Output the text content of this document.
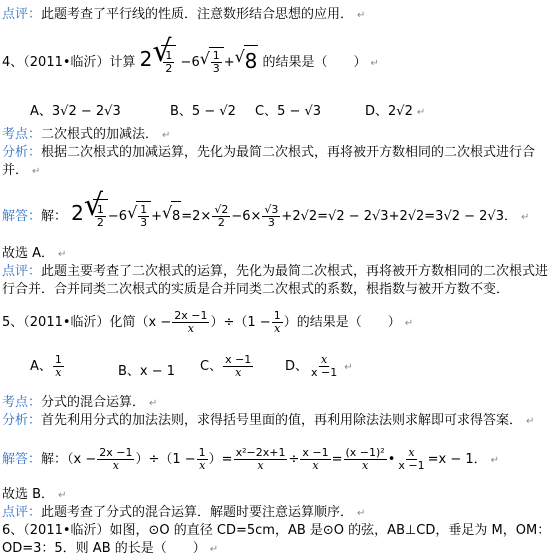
点评：此题考查了平行线的性质．注意数形结合思想的应用． ↵
4、（2011•临沂）计算 2 √ $\frac{1}{2} -6$ √ $\frac{1}{3}$ + √ 8 的结果是（　　） ↵
A、3√2 − 2√3	B、5 − √2 C、5 − √3	D、2√2 ↵
考点：二次根式的加减法． ↵
分析：根据二次根式的加减运算，先化为最简二次根式，再将被开方数相同的二次根式进行合并． ↵
解答：解： 2 √ $\frac{1}{2} -6$ √ $\frac{1}{3}$ + √ $8=2\times \frac{√2}{2} -6\times \frac{√3}{3} +2√2=√2 - 2√3+2√2=3√2 - 2√3$． ↵
故选 A． ↵
点评：此题主要考查了二次根式的运算，先化为最简二次根式，再将被开方数相同的二次根式进行合并．合并同类二次根式的实质是合并同类二次根式的系数，根指数与被开方数不变．
5、（2011•临沂）化简$(x - \frac{2x -1}{x} )\div(1 - \frac{1}{x}$ ）的结果是（　　） ↵
A、 $\frac{1}{x}$	B、x − 1 C、 $\frac{x -1}{x}$ D、 $\frac{x}{x -1}$ ↵
考点：分式的混合运算． ↵
分析：首先利用分式的加法法则，求得括号里面的值，再利用除法法则求解即可求得答案． ↵
解答：解：$(x - \frac{2x -1}{x} )\div(1 - \frac{1}{x}$ ）= $\frac{\text{x²−2x+1}}{x} \div \frac{x -1}{x} = \frac{\text{(x −1)²}}{x}$ • $\frac{x}{x -1} =x - 1$． ↵
故选 B． ↵
点评：此题考查了分式的混合运算．解题时要注意运算顺序． ↵
6、（2011•临沂）如图，⊙O 的直径 CD=5cm，AB 是⊙O 的弦，AB⊥CD，垂足为 M，OM：
OD=3：5．则 AB 的长是（　　） ↵
